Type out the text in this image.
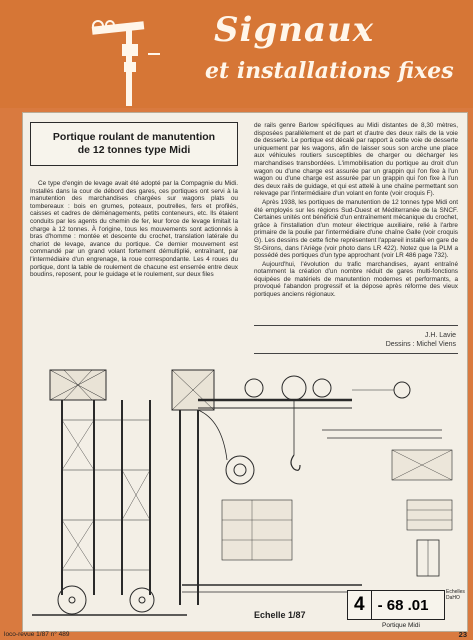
Signaux
et installations fixes
Portique roulant de manutention
de 12 tonnes type Midi

Ce type d'engin de levage avait été adopté par la Compagnie du Midi. Installés dans la cour de débord des gares, ces portiques ont servi à la manutention des marchandises chargées sur wagons plats ou tombereaux : bois en grumes, poteaux, poutrelles, fers et profilés, caisses et cadres de déménagements, petits conteneurs, etc. Ils étaient conduits par les agents du chemin de fer, leur force de levage limitait la charge à 12 tonnes. À l'origine, tous les mouvements sont actionnés à bras d'homme : montée et descente du crochet, translation latérale du chariot de levage, avance du portique. Ce dernier mouvement est commandé par un grand volant fortement démultiplié, entraînant, par l'intermédiaire d'un engrenage, la roue correspondante. Les 4 roues du portique, dont la table de roulement de chacune est enserrée entre deux boudins, reposent, pour le guidage et le roulement, sur deux files

de rails genre Barlow spécifiques au Midi distantes de 8,30 mètres, disposées parallèlement et de part et d'autre des deux rails de la voie de desserte. Le portique est décalé par rapport à cette voie de desserte uniquement par les wagons, afin de laisser sous son arche une place aux véhicules routiers susceptibles de charger ou décharger les marchandises transbordées. L'immobilisation du portique au droit d'un wagon ou d'une charge est assurée par un grappin qui l'on fixe à l'un wagon ou d'une charge est assurée par un grappin qui l'on fixe à l'un des deux rails de guidage, et qui est attelé à une chaîne permettant son relevage par l'intermédiaire d'un volant en fonte (voir croquis F).

Après 1938, les portiques de manutention de 12 tonnes type Midi ont été employés sur les régions Sud-Ouest et Méditerranée de la SNCF. Certaines unités ont bénéficié d'un entraînement mécanique du crochet, grâce à l'installation d'un moteur électrique auxiliaire, relié à l'arbre primaire de la poulie par l'intermédiaire d'une chaîne Galle (voir croquis G). Les dessins de cette fiche représentent l'appareil installé en gare de St-Girons, dans l'Ariège (voir photo dans LR 422). Notez que la PLM a possédé des portiques d'un type approchant (voir LR 486 page 732).

Aujourd'hui, l'évolution du trafic marchandises, ayant entraîné notamment la création d'un nombre réduit de gares multi-fonctions équipées de matériels de manutention modernes et performants, a provoqué l'abandon progressif et la dépose après réforme des vieux portiques anciens régionaux.

J.H. Lavie
Dessins : Michel Viens
Echelle 1/87	4 - 68 .01
Echelles DaHO
Portique Midi
loco-revue 1/87 n° 489	23
